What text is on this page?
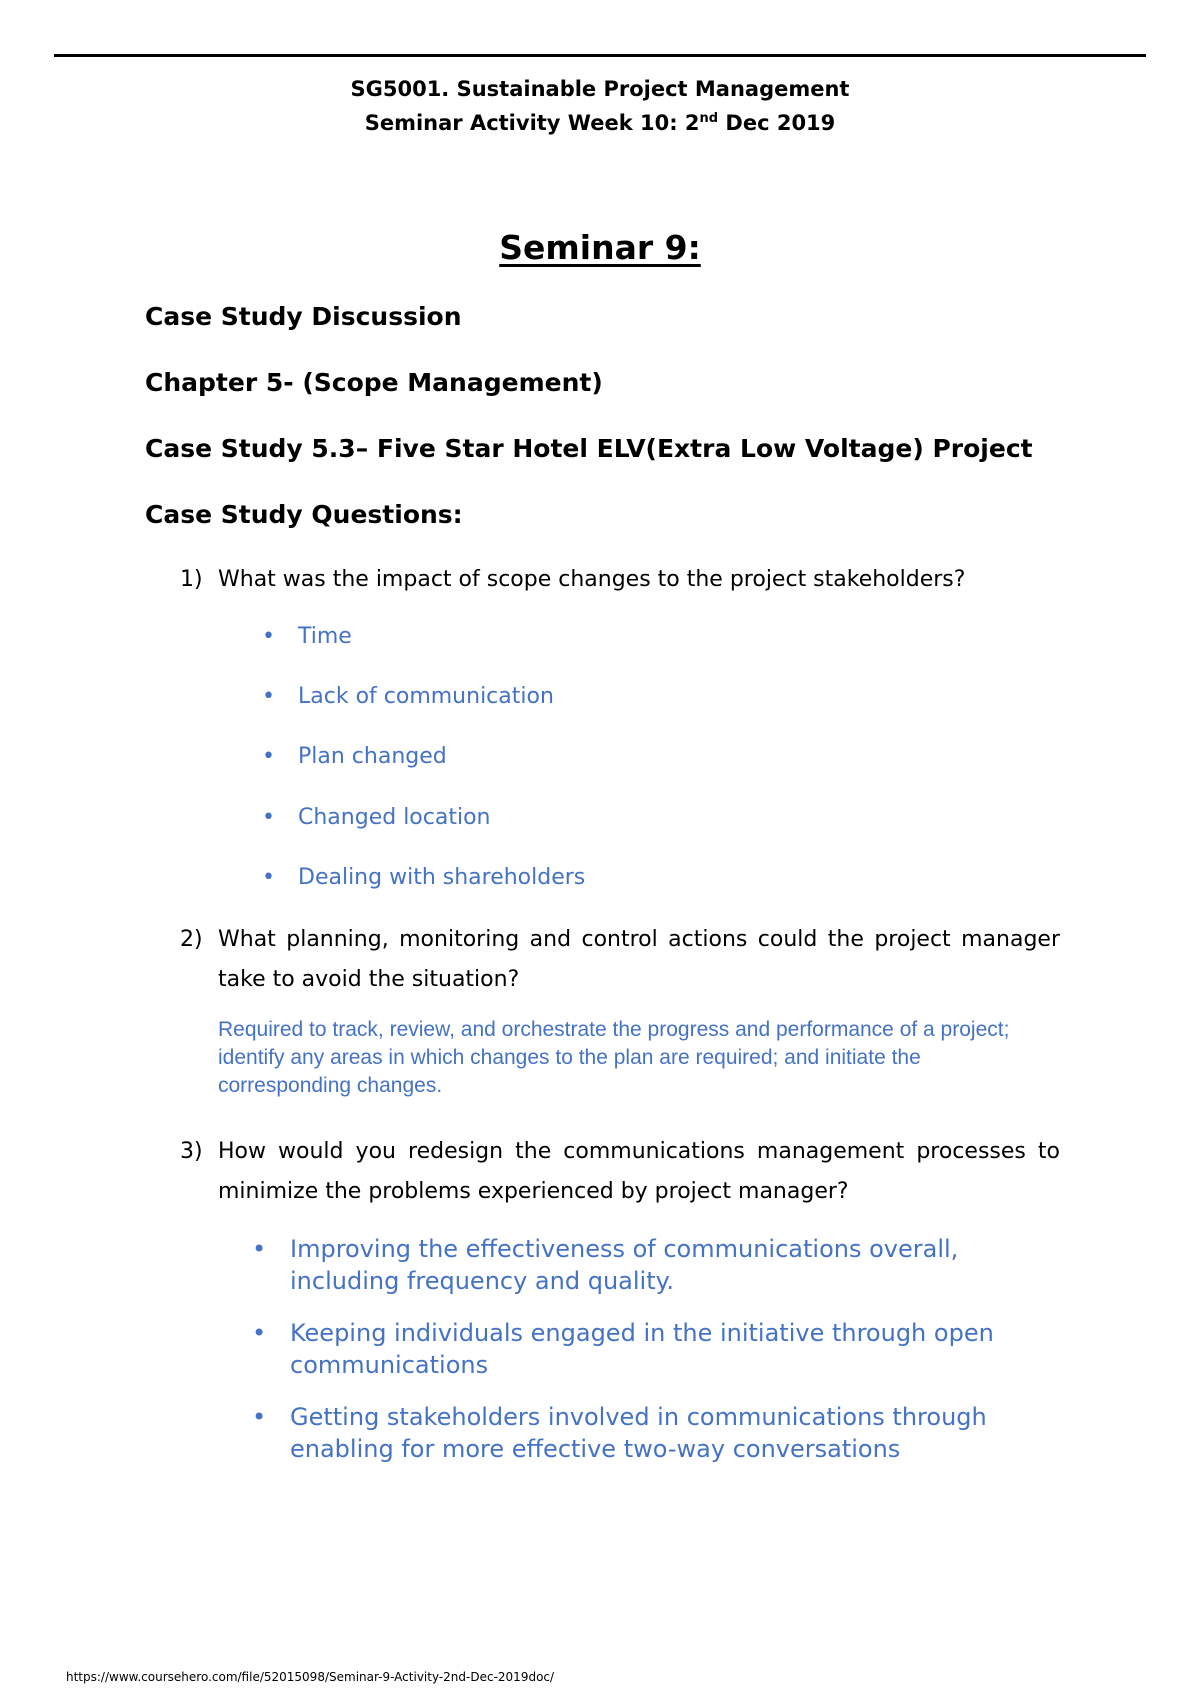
SG5001. Sustainable Project Management
Seminar Activity Week 10: 2nd Dec 2019
Seminar 9:
Case Study Discussion
Chapter 5- (Scope Management)
Case Study 5.3– Five Star Hotel ELV(Extra Low Voltage) Project
Case Study Questions:
1) What was the impact of scope changes to the project stakeholders?
• Time
• Lack of communication
• Plan changed
• Changed location
• Dealing with shareholders
2) What planning, monitoring and control actions could the project manager take to avoid the situation?
Required to track, review, and orchestrate the progress and performance of a project; identify any areas in which changes to the plan are required; and initiate the corresponding changes.
3) How would you redesign the communications management processes to minimize the problems experienced by project manager?
• Improving the effectiveness of communications overall, including frequency and quality.
• Keeping individuals engaged in the initiative through open communications
• Getting stakeholders involved in communications through enabling for more effective two-way conversations
https://www.coursehero.com/file/52015098/Seminar-9-Activity-2nd-Dec-2019doc/
